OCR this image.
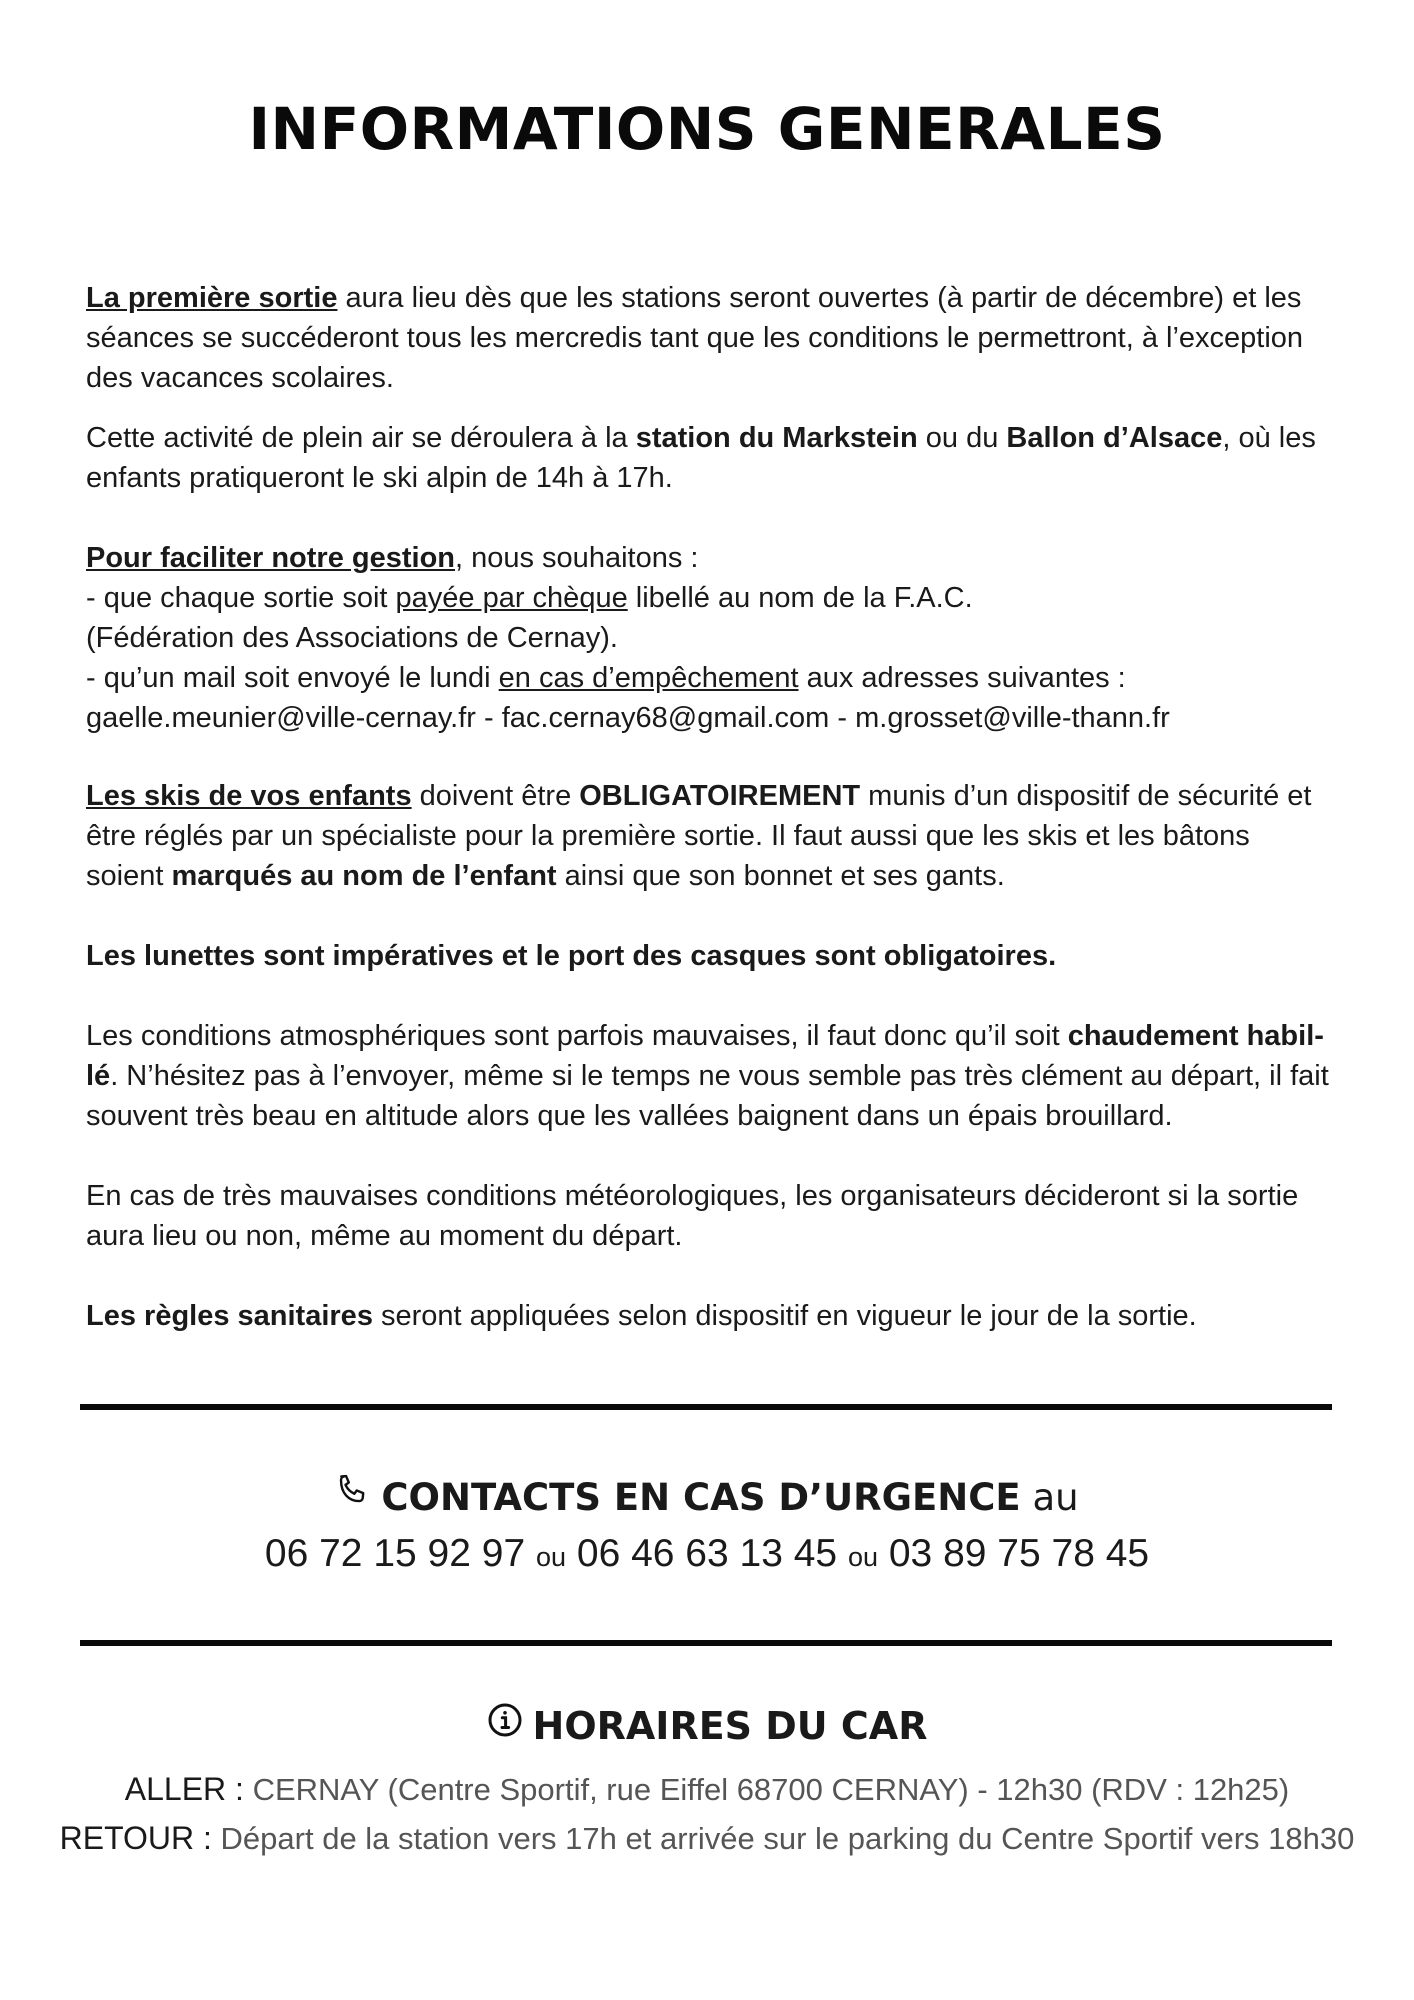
INFORMATIONS GENERALES

La première sortie aura lieu dès que les stations seront ouvertes (à partir de décembre) et les séances se succéderont tous les mercredis tant que les conditions le permettront, à l’exception des vacances scolaires.

Cette activité de plein air se déroulera à la station du Markstein ou du Ballon d’Alsace, où les enfants pratiqueront le ski alpin de 14h à 17h.

Pour faciliter notre gestion, nous souhaitons :

- que chaque sortie soit payée par chèque libellé au nom de la F.A.C.

(Fédération des Associations de Cernay).

- qu’un mail soit envoyé le lundi en cas d’empêchement aux adresses suivantes :

gaelle.meunier@ville-cernay.fr - fac.cernay68@gmail.com - m.grosset@ville-thann.fr

Les skis de vos enfants doivent être OBLIGATOIREMENT munis d’un dispositif de sécurité et être réglés par un spécialiste pour la première sortie. Il faut aussi que les skis et les bâtons soient marqués au nom de l’enfant ainsi que son bonnet et ses gants.

Les lunettes sont impératives et le port des casques sont obligatoires.

Les conditions atmosphériques sont parfois mauvaises, il faut donc qu’il soit chaudement habillé. N’hésitez pas à l’envoyer, même si le temps ne vous semble pas très clément au départ, il fait souvent très beau en altitude alors que les vallées baignent dans un épais brouillard.

En cas de très mauvaises conditions météorologiques, les organisateurs décideront si la sortie aura lieu ou non, même au moment du départ.

Les règles sanitaires seront appliquées selon dispositif en vigueur le jour de la sortie.

CONTACTS EN CAS D’URGENCE au
06 72 15 92 97 ou 06 46 63 13 45 ou 03 89 75 78 45
HORAIRES DU CAR
ALLER : CERNAY (Centre Sportif, rue Eiffel 68700 CERNAY) - 12h30 (RDV : 12h25)
RETOUR : Départ de la station vers 17h et arrivée sur le parking du Centre Sportif vers 18h30
